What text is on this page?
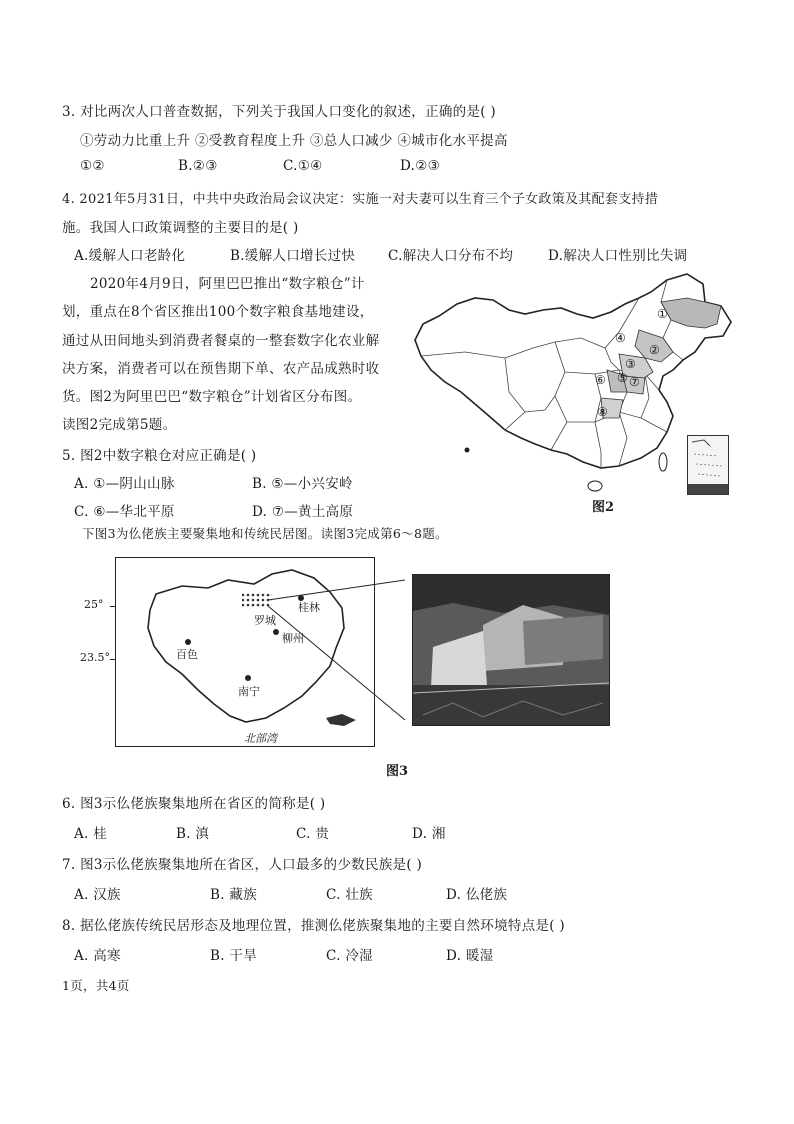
3. 对比两次人口普查数据，下列关于我国人口变化的叙述，正确的是( )
①劳动力比重上升 ②受教育程度上升 ③总人口减少 ④城市化水平提高
①②	B.②③	C.①④	D.②③
4. 2021年5月31日，中共中央政治局会议决定：实施一对夫妻可以生育三个子女政策及其配套支持措
施。我国人口政策调整的主要目的是( )
A.缓解人口老龄化	B.缓解人口增长过快 C.解决人口分布不均	D.解决人口性别比失调
2020年4月9日，阿里巴巴推出“数字粮仓”计
划，重点在8个省区推出100个数字粮食基地建设，
通过从田间地头到消费者餐桌的一整套数字化农业解
决方案，消费者可以在预售期下单、农产品成熟时收
货。图2为阿里巴巴“数字粮仓”计划省区分布图。
读图2完成第5题。
5. 图2中数字粮仓对应正确是( )
A. ①—阴山山脉	B. ⑤—小兴安岭
C. ⑥—华北平原	D. ⑦—黄土高原
①
②
③
④
⑤
⑥ ⑦
⑧
图2
下图3为仫佬族主要聚集地和传统民居图。读图3完成第6～8题。
桂林
罗城
柳州
百色
南宁
北部湾
25°
23.5°
图3
6. 图3示仫佬族聚集地所在省区的简称是( )
A. 桂	B. 滇	C. 贵	D. 湘
7. 图3示仫佬族聚集地所在省区，人口最多的少数民族是( )
A. 汉族	B. 藏族	C. 壮族	D. 仫佬族
8. 据仫佬族传统民居形态及地理位置，推测仫佬族聚集地的主要自然环境特点是( )
A. 高寒	B. 干旱	C. 冷湿	D. 暖湿
1页，共4页
